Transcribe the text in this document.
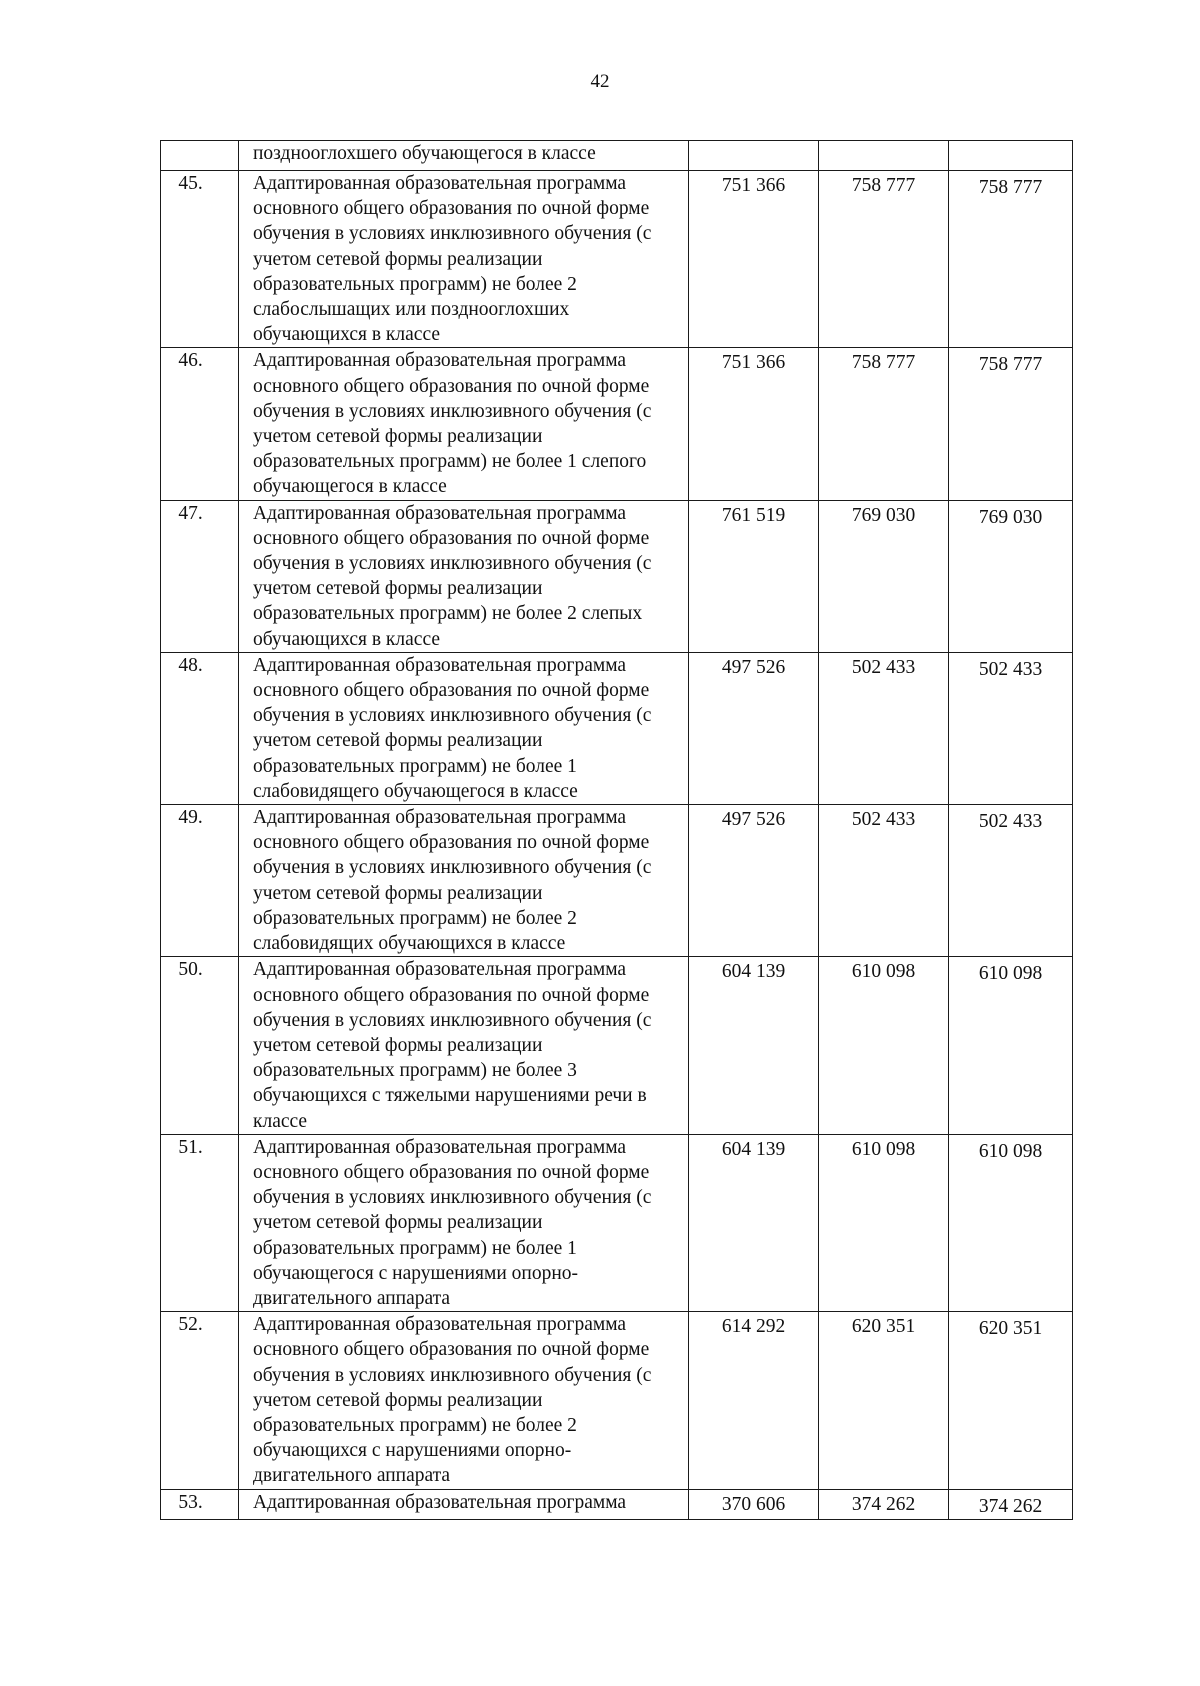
42
	позднооглохшего обучающегося в классе			
45.	Адаптированная образовательная программа основного общего образования по очной форме обучения в условиях инклюзивного обучения (с учетом сетевой формы реализации образовательных программ) не более 2 слабослышащих или позднооглохших обучающихся в классе	751 366	758 777	758 777
46.	Адаптированная образовательная программа основного общего образования по очной форме обучения в условиях инклюзивного обучения (с учетом сетевой формы реализации образовательных программ) не более 1 слепого обучающегося в классе	751 366	758 777	758 777
47.	Адаптированная образовательная программа основного общего образования по очной форме обучения в условиях инклюзивного обучения (с учетом сетевой формы реализации образовательных программ) не более 2 слепых обучающихся в классе	761 519	769 030	769 030
48.	Адаптированная образовательная программа основного общего образования по очной форме обучения в условиях инклюзивного обучения (с учетом сетевой формы реализации образовательных программ) не более 1 слабовидящего обучающегося в классе	497 526	502 433	502 433
49.	Адаптированная образовательная программа основного общего образования по очной форме обучения в условиях инклюзивного обучения (с учетом сетевой формы реализации образовательных программ) не более 2 слабовидящих обучающихся в классе	497 526	502 433	502 433
50.	Адаптированная образовательная программа основного общего образования по очной форме обучения в условиях инклюзивного обучения (с учетом сетевой формы реализации образовательных программ) не более 3 обучающихся с тяжелыми нарушениями речи в классе	604 139	610 098	610 098
51.	Адаптированная образовательная программа основного общего образования по очной форме обучения в условиях инклюзивного обучения (с учетом сетевой формы реализации образовательных программ) не более 1 обучающегося с нарушениями опорно-двигательного аппарата	604 139	610 098	610 098
52.	Адаптированная образовательная программа основного общего образования по очной форме обучения в условиях инклюзивного обучения (с учетом сетевой формы реализации образовательных программ) не более 2 обучающихся с нарушениями опорно-двигательного аппарата	614 292	620 351	620 351
53.	Адаптированная образовательная программа	370 606	374 262	374 262
